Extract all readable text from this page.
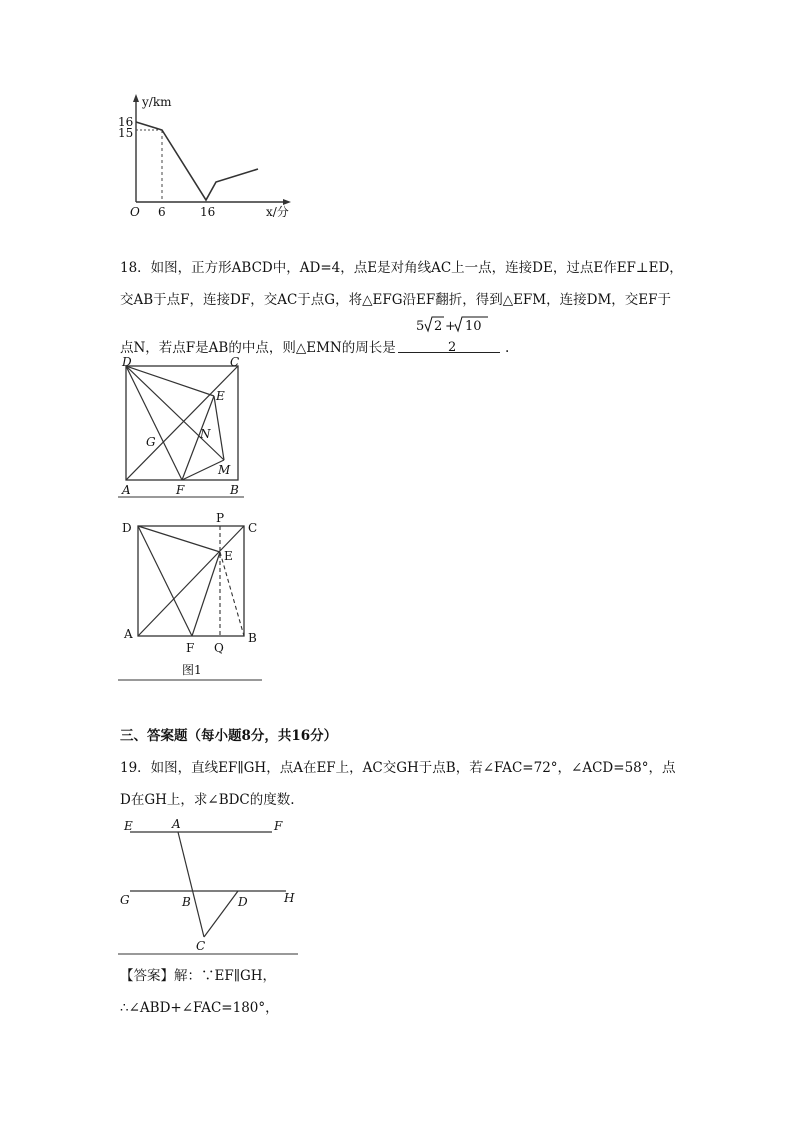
y/km
16
15
O 6	16	x/分
18．如图，正方形ABCD中，AD=4，点E是对角线AC上一点，连接DE，过点E作EF⊥ED，
交AB于点F，连接DF，交AC于点G，将△EFG沿EF翻折，得到△EFM，连接DM，交EF于
5 2 + 10
2
点N，若点F是AB的中点，则△EMN的周长是	.
D	C
E
G
N
M
A	F	B
D
P
C
E
A
F Q
B
图1
三、答案题（每小题8分，共16分）
19．如图，直线EF∥GH，点A在EF上，AC交GH于点B，若∠FAC=72°，∠ACD=58°，点
D在GH上，求∠BDC的度数.
E	A	F
G	B	D	H
C
【答案】解：∵EF∥GH，
∴∠ABD+∠FAC=180°，
